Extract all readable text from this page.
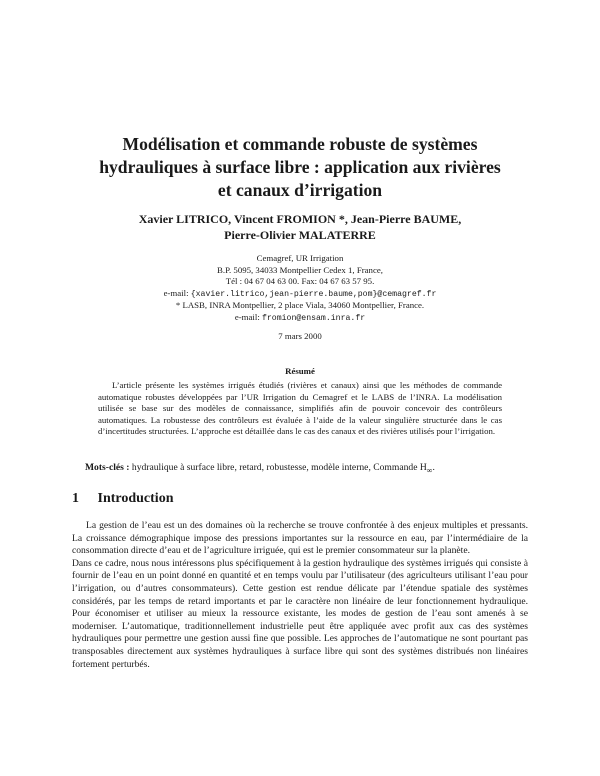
Modélisation et commande robuste de systèmes
hydrauliques à surface libre : application aux rivières
et canaux d’irrigation
Xavier LITRICO, Vincent FROMION *, Jean-Pierre BAUME,
Pierre-Olivier MALATERRE
Cemagref, UR Irrigation
B.P. 5095, 34033 Montpellier Cedex 1, France,
Tél : 04 67 04 63 00. Fax: 04 67 63 57 95.
e-mail: {xavier.litrico,jean-pierre.baume,pom}@cemagref.fr
* LASB, INRA Montpellier, 2 place Viala, 34060 Montpellier, France.
e-mail: fromion@ensam.inra.fr
7 mars 2000
Résumé
L’article présente les systèmes irrigués étudiés (rivières et canaux) ainsi que les méthodes de commande automatique robustes développées par l’UR Irrigation du Cemagref et le LABS de l’INRA. La modélisation utilisée se base sur des modèles de connaissance, simplifiés afin de pouvoir concevoir des contrôleurs automatiques. La robustesse des contrôleurs est évaluée à l’aide de la valeur singulière structurée dans le cas d’incertitudes structurées. L’approche est détaillée dans le cas des canaux et des rivières utilisés pour l’irrigation.
Mots-clés : hydraulique à surface libre, retard, robustesse, modèle interne, Commande $H_\infty$.
1 Introduction

La gestion de l’eau est un des domaines où la recherche se trouve confrontée à des enjeux multiples et pressants. La croissance démographique impose des pressions importantes sur la ressource en eau, par l’intermédiaire de la consommation directe d’eau et de l’agriculture irriguée, qui est le premier consommateur sur la planète.

Dans ce cadre, nous nous intéressons plus spécifiquement à la gestion hydraulique des systèmes irrigués qui consiste à fournir de l’eau en un point donné en quantité et en temps voulu par l’utilisateur (des agriculteurs utilisant l’eau pour l’irrigation, ou d’autres consommateurs). Cette gestion est rendue délicate par l’étendue spatiale des systèmes considérés, par les temps de retard importants et par le caractère non linéaire de leur fonctionnement hydraulique. Pour économiser et utiliser au mieux la ressource existante, les modes de gestion de l’eau sont amenés à se moderniser. L’automatique, traditionnellement industrielle peut être appliquée avec profit aux cas des systèmes hydrauliques pour permettre une gestion aussi fine que possible. Les approches de l’automatique ne sont pourtant pas transposables directement aux systèmes hydrauliques à surface libre qui sont des systèmes distribués non linéaires fortement perturbés.
